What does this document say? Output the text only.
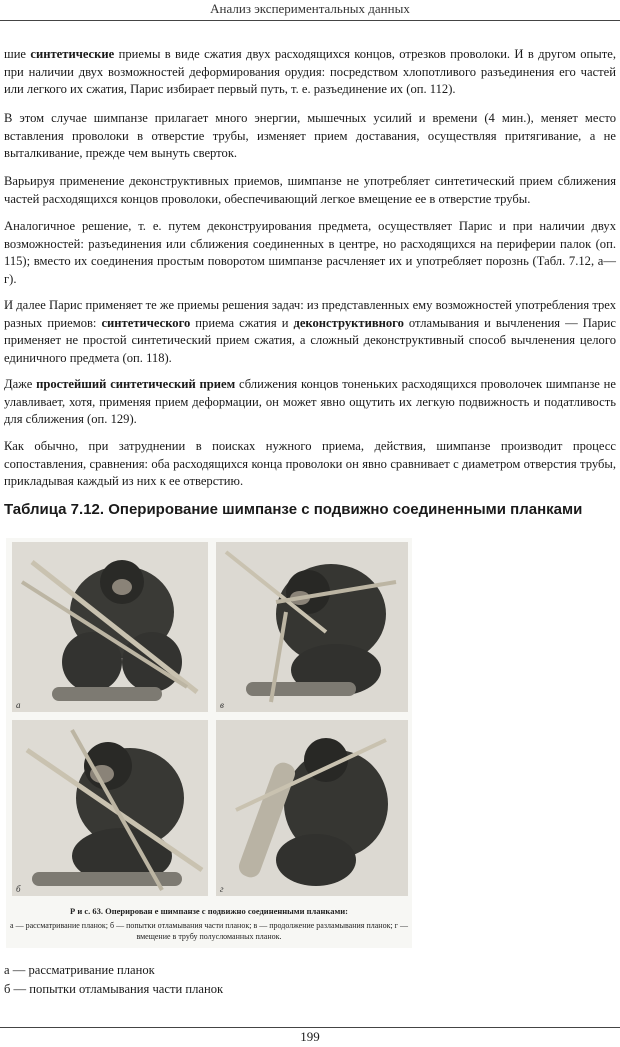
Анализ экспериментальных данных

шие синтетические приемы в виде сжатия двух расходящихся концов, отрезков проволоки. И в другом опыте, при наличии двух возможностей деформирования орудия: посредством хлопотливого разъединения его частей или легкого их сжатия, Парис избирает первый путь, т. е. разъединение их (оп. 112).

В этом случае шимпанзе прилагает много энергии, мышечных усилий и времени (4 мин.), меняет место вставления проволоки в отверстие трубы, изменяет прием доставания, осуществляя притягивание, а не выталкивание, прежде чем вынуть сверток.

Варьируя применение деконструктивных приемов, шимпанзе не употребляет синтетический прием сближения частей расходящихся концов проволоки, обеспечивающий легкое вмещение ее в отверстие трубы.

Аналогичное решение, т. е. путем деконструирования предмета, осуществляет Парис и при наличии двух возможностей: разъединения или сближения соединенных в центре, но расходящихся на периферии палок (оп. 115); вместо их соединения простым поворотом шимпанзе расчленяет их и употребляет порознь (Табл. 7.12, а—г).

И далее Парис применяет те же приемы решения задач: из представленных ему возможностей употребления трех разных приемов: синтетического приема сжатия и деконструктивного отламывания и вычленения — Парис применяет не простой синтетический прием сжатия, а сложный деконструктивный способ вычленения целого единичного предмета (оп. 118).

Даже простейший синтетический прием сближения концов тоненьких расходящихся проволочек шимпанзе не улавливает, хотя, применяя прием деформации, он может явно ощутить их легкую подвижность и податливость для сближения (оп. 129).

Как обычно, при затруднении в поисках нужного приема, действия, шимпанзе производит процесс сопоставления, сравнения: оба расходящихся конца проволоки он явно сравнивает с диаметром отверстия трубы, прикладывая каждый из них к ее отверстию.

Таблица 7.12. Оперирование шимпанзе с подвижно соединенными планками
а	в
б	г
Р и с. 63. Оперирован е шимпанзе с подвижно соединенными планками:
а — рассматривание планок; б — попытки отламывания части планок; в — продолжение разламывания планок; г — вмещение в трубу полусломанных планок.
а — рассматривание планок
б — попытки отламывания части планок
199
